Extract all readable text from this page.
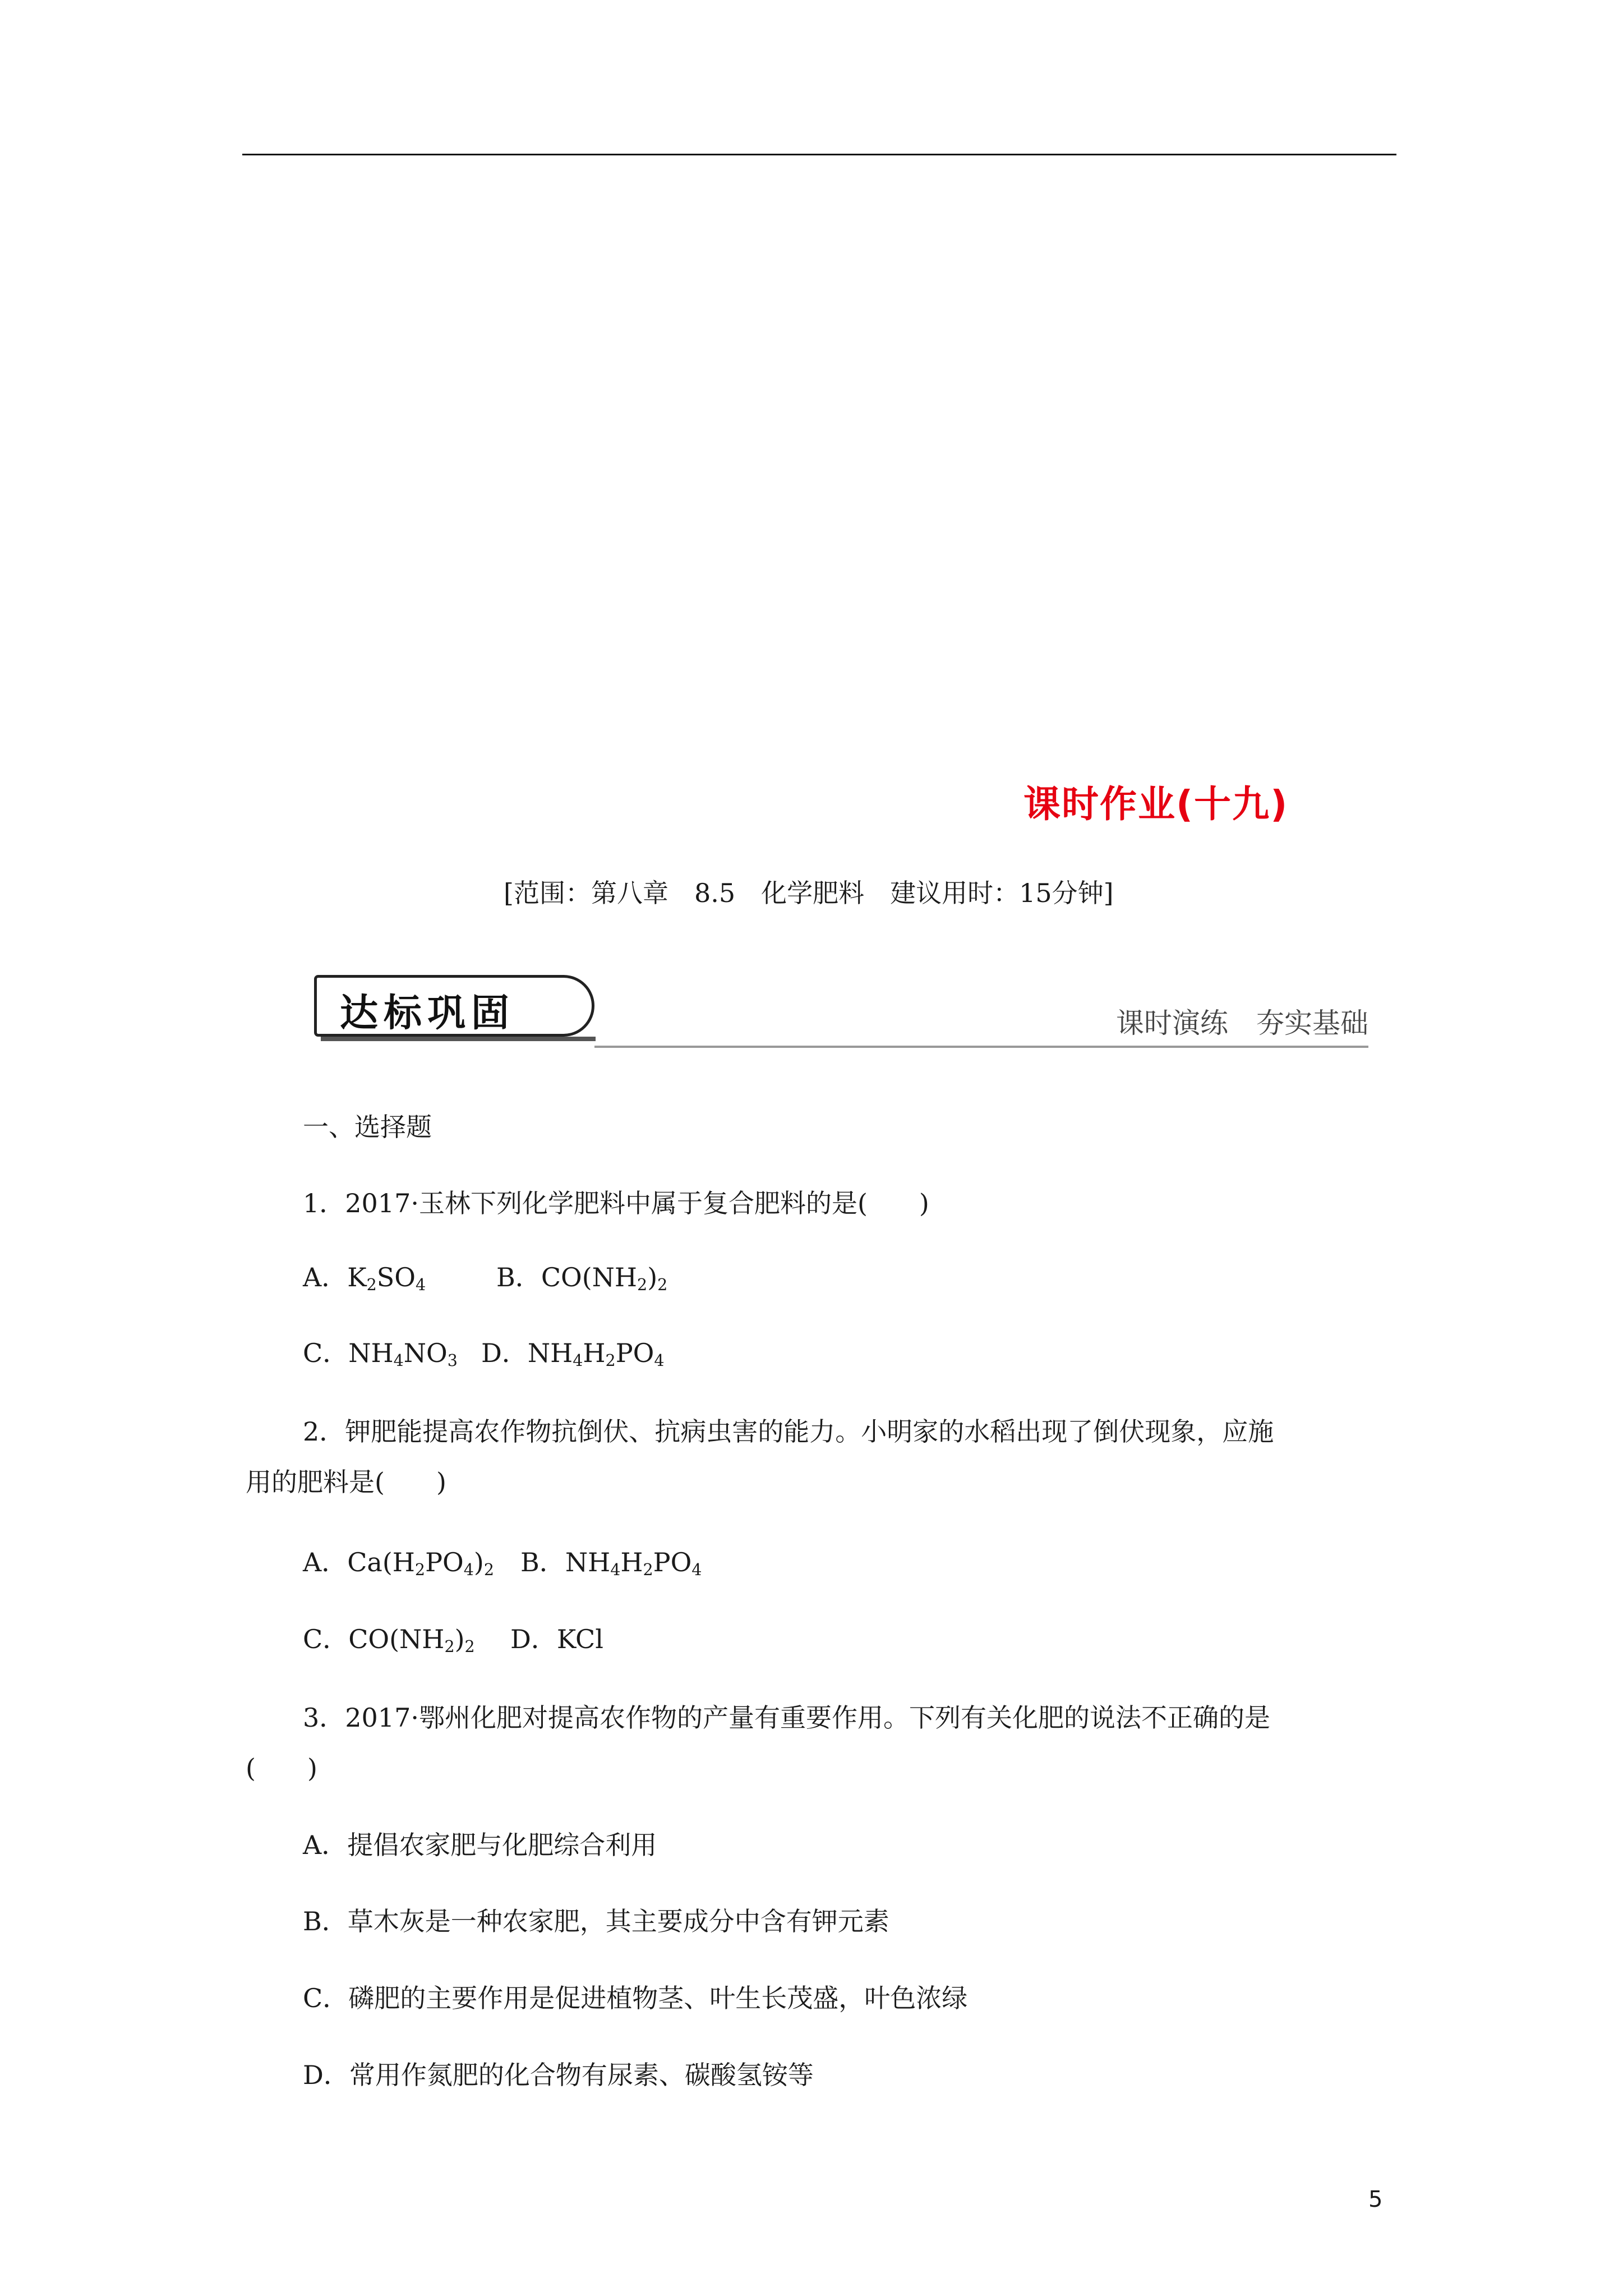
课时作业(十九)
[范围：第八章　8.5　化学肥料　建议用时：15分钟]
达标巩固	课时演练　夯实基础
一、选择题
1．2017·玉林下列化学肥料中属于复合肥料的是(　　)
A．$K_2SO_4$	B．$CO(NH_2)_2$
C．$NH_4NO_3$ D．$NH_4H_2PO_4$
2．钾肥能提高农作物抗倒伏、抗病虫害的能力。小明家的水稻出现了倒伏现象，应施
用的肥料是(　　)
A．$Ca(H_2PO_4)_2$ B．$NH_4H_2PO_4$
C．$CO(NH_2)_2$ D．KCl
3．2017·鄂州化肥对提高农作物的产量有重要作用。下列有关化肥的说法不正确的是
(　　)
A．提倡农家肥与化肥综合利用
B．草木灰是一种农家肥，其主要成分中含有钾元素
C．磷肥的主要作用是促进植物茎、叶生长茂盛，叶色浓绿
D．常用作氮肥的化合物有尿素、碳酸氢铵等
5
